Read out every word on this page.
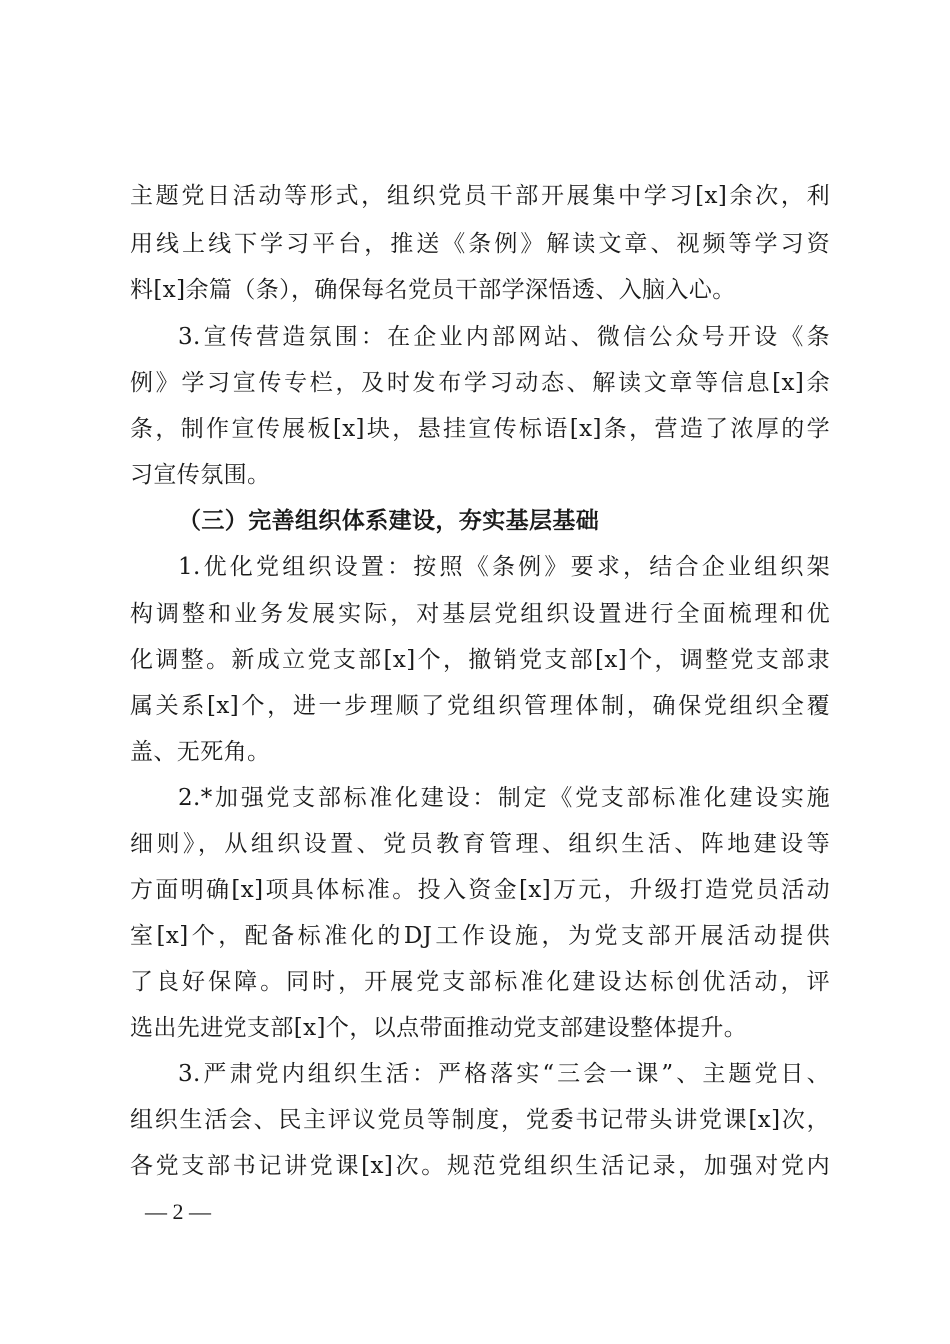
主题党日活动等形式，组织党员干部开展集中学习[x]余次，利
用线上线下学习平台，推送《条例》解读文章、视频等学习资
料[x]余篇（条），确保每名党员干部学深悟透、入脑入心。
3.宣传营造氛围：在企业内部网站、微信公众号开设《条
例》学习宣传专栏，及时发布学习动态、解读文章等信息[x]余
条，制作宣传展板[x]块，悬挂宣传标语[x]条，营造了浓厚的学
习宣传氛围。
（三）完善组织体系建设，夯实基层基础
1.优化党组织设置：按照《条例》要求，结合企业组织架
构调整和业务发展实际，对基层党组织设置进行全面梳理和优
化调整。新成立党支部[x]个，撤销党支部[x]个，调整党支部隶
属关系[x]个，进一步理顺了党组织管理体制，确保党组织全覆
盖、无死角。
2.*加强党支部标准化建设：制定《党支部标准化建设实施
细则》，从组织设置、党员教育管理、组织生活、阵地建设等
方面明确[x]项具体标准。投入资金[x]万元，升级打造党员活动
室[x]个，配备标准化的DJ工作设施，为党支部开展活动提供
了良好保障。同时，开展党支部标准化建设达标创优活动，评
选出先进党支部[x]个，以点带面推动党支部建设整体提升。
3.严肃党内组织生活：严格落实“三会一课”、主题党日、
组织生活会、民主评议党员等制度，党委书记带头讲党课[x]次，
各党支部书记讲党课[x]次。规范党组织生活记录，加强对党内
— 2 —
